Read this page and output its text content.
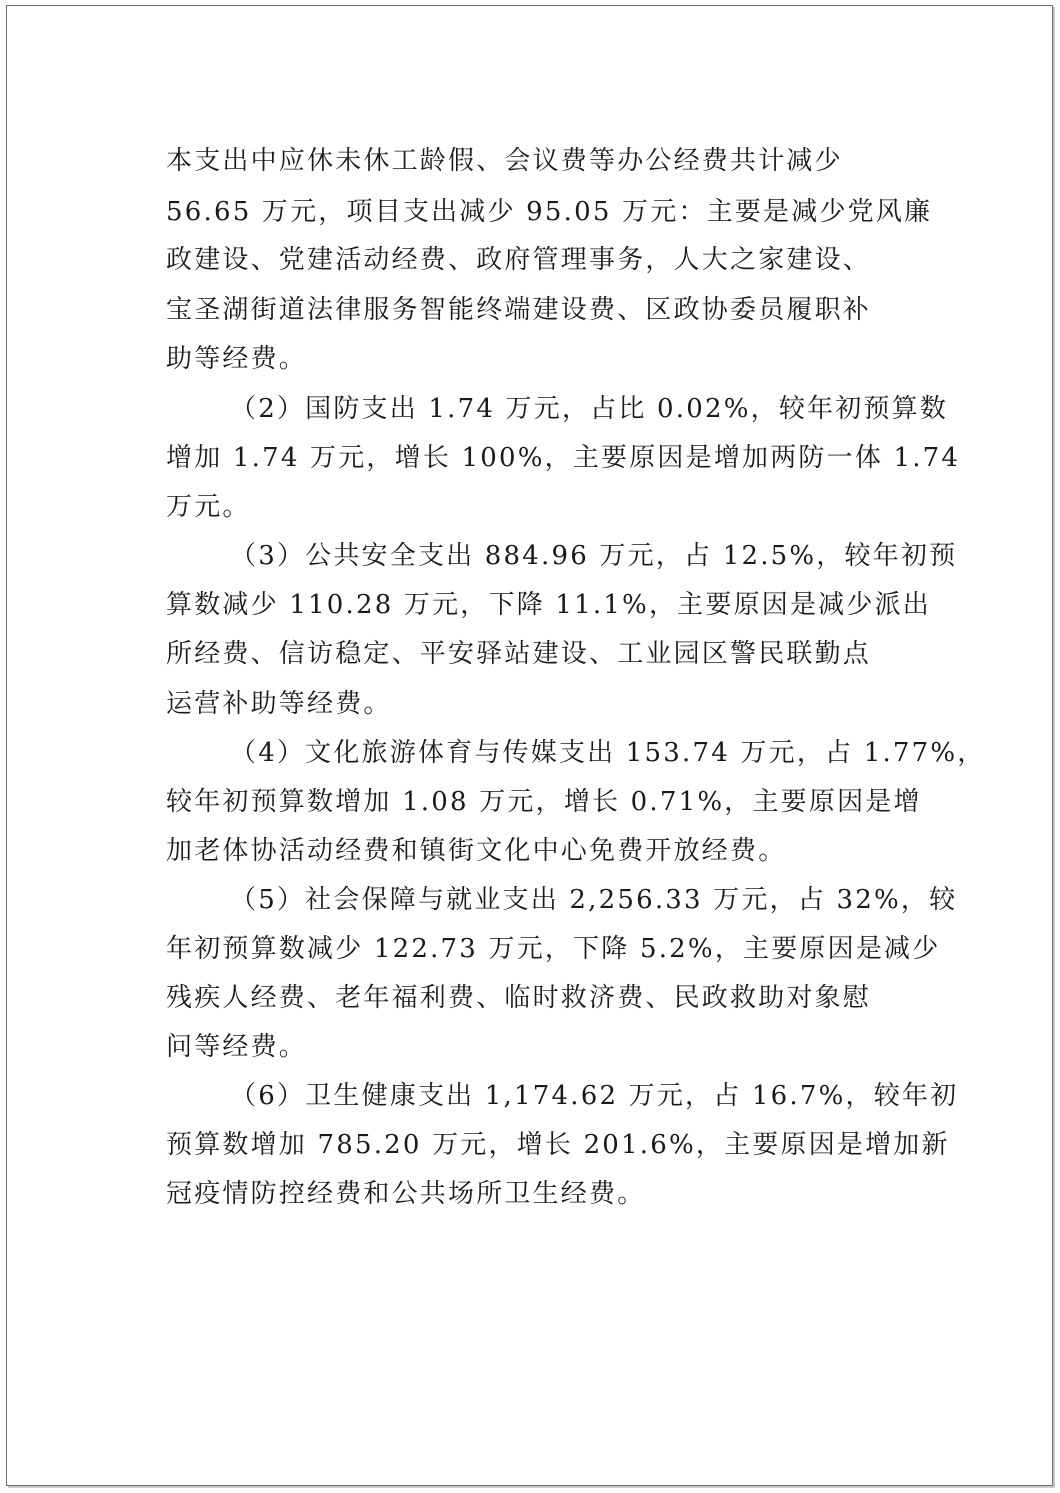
本支出中应休未休工龄假、会议费等办公经费共计减少
56.65 万元，项目支出减少 95.05 万元：主要是减少党风廉
政建设、党建活动经费、政府管理事务，人大之家建设、
宝圣湖街道法律服务智能终端建设费、区政协委员履职补
助等经费。
（2）国防支出 1.74 万元，占比 0.02%，较年初预算数
增加 1.74 万元，增长 100%，主要原因是增加两防一体 1.74
万元。
（3）公共安全支出 884.96 万元，占 12.5%，较年初预
算数减少 110.28 万元，下降 11.1%，主要原因是减少派出
所经费、信访稳定、平安驿站建设、工业园区警民联勤点
运营补助等经费。
（4）文化旅游体育与传媒支出 153.74 万元，占 1.77%，
较年初预算数增加 1.08 万元，增长 0.71%，主要原因是增
加老体协活动经费和镇街文化中心免费开放经费。
（5）社会保障与就业支出 2,256.33 万元，占 32%，较
年初预算数减少 122.73 万元，下降 5.2%，主要原因是减少
残疾人经费、老年福利费、临时救济费、民政救助对象慰
问等经费。
（6）卫生健康支出 1,174.62 万元，占 16.7%，较年初
预算数增加 785.20 万元，增长 201.6%，主要原因是增加新
冠疫情防控经费和公共场所卫生经费。
